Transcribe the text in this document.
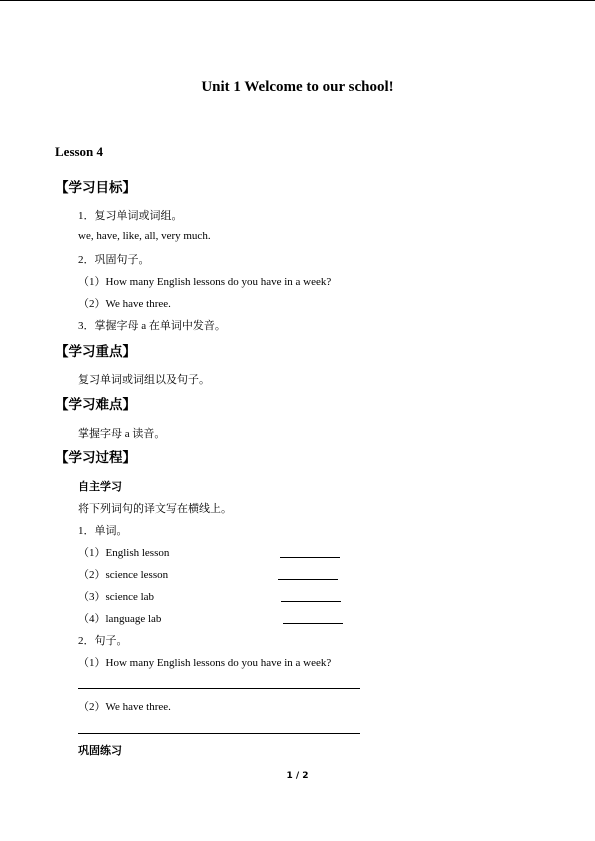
Unit 1 Welcome to our school!
Lesson 4
【学习目标】
1．复习单词或词组。
we, have, like, all, very much.
2．巩固句子。
（1）How many English lessons do you have in a week?
（2）We have three.
3．掌握字母 a 在单词中发音。
【学习重点】
复习单词或词组以及句子。
【学习难点】
掌握字母 a 读音。
【学习过程】
自主学习
将下列词句的译文写在横线上。
1．单词。
（1）English lesson
（2）science lesson
（3）science lab
（4）language lab
2．句子。
（1）How many English lessons do you have in a week?
（2）We have three.
巩固练习
1 / 2
